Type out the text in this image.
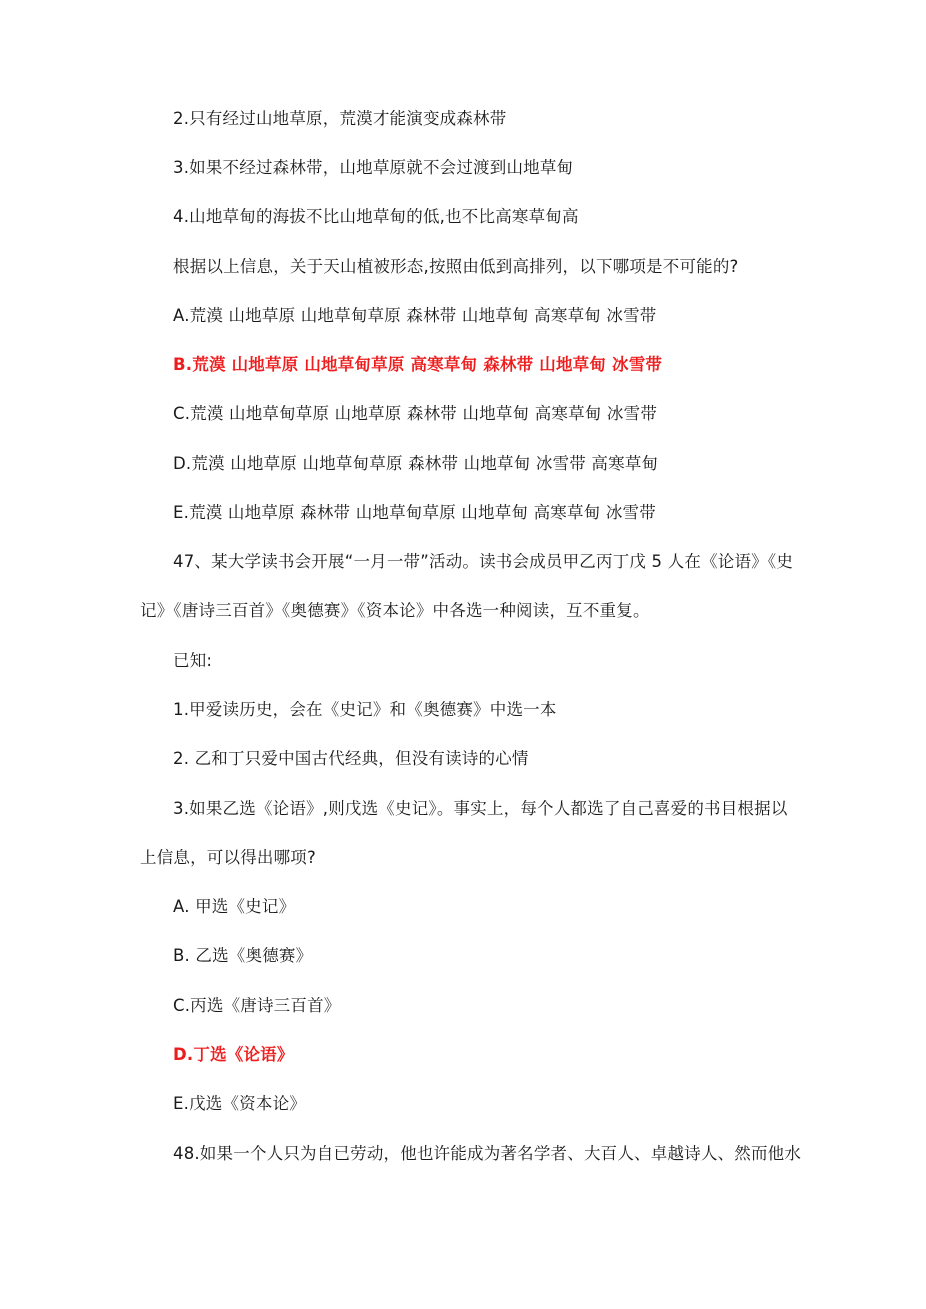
2.只有经过山地草原，荒漠才能演变成森林带
3.如果不经过森林带，山地草原就不会过渡到山地草甸
4.山地草甸的海拔不比山地草甸的低,也不比高寒草甸高
根据以上信息，关于天山植被形态,按照由低到高排列，以下哪项是不可能的?
A.荒漠 山地草原 山地草甸草原 森林带 山地草甸 高寒草甸 冰雪带
B.荒漠 山地草原 山地草甸草原 高寒草甸 森林带 山地草甸 冰雪带
C.荒漠 山地草甸草原 山地草原 森林带 山地草甸 高寒草甸 冰雪带
D.荒漠 山地草原 山地草甸草原 森林带 山地草甸 冰雪带 高寒草甸
E.荒漠 山地草原 森林带 山地草甸草原 山地草甸 高寒草甸 冰雪带
47、某大学读书会开展“一月一带”活动。读书会成员甲乙丙丁戊 5 人在《论语》《史
记》《唐诗三百首》《奥德赛》《资本论》中各选一种阅读，互不重复。
已知:
1.甲爱读历史，会在《史记》和《奥德赛》中选一本
2. 乙和丁只爱中国古代经典，但没有读诗的心情
3.如果乙选《论语》,则戊选《史记》。事实上，每个人都选了自己喜爱的书目根据以
上信息，可以得出哪项?
A. 甲选《史记》
B. 乙选《奥德赛》
C.丙选《唐诗三百首》
D.丁选《论语》
E.戊选《资本论》
48.如果一个人只为自已劳动，他也许能成为著名学者、大百人、卓越诗人、然而他水
